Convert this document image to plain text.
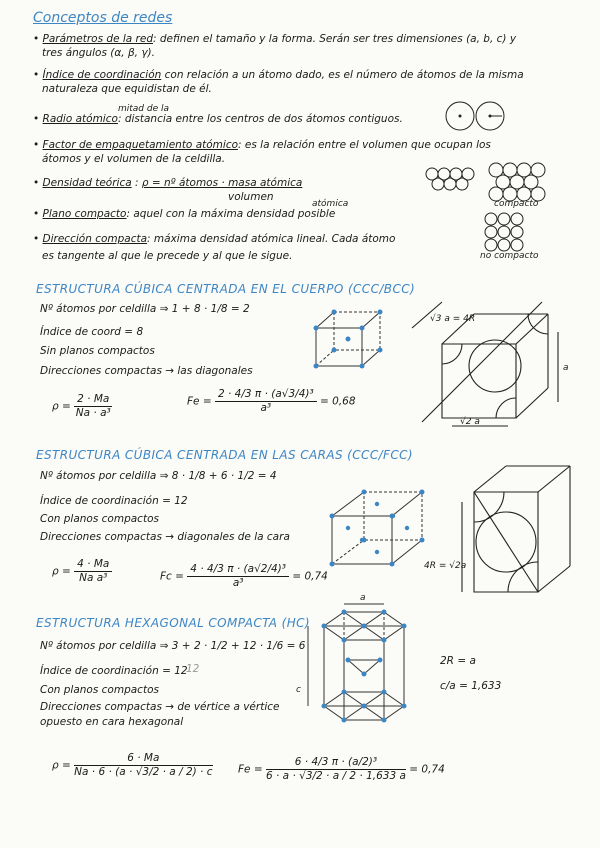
Conceptos de redes
• Parámetros de la red: definen el tamaño y la forma. Serán ser tres dimensiones (a, b, c) y
tres ángulos (α, β, γ).
• Índice de coordinación con relación a un átomo dado, es el número de átomos de la misma
naturaleza que equidistan de él.
mitad de la
• Radio atómico: distancia entre los centros de dos átomos contiguos.
• Factor de empaquetamiento atómico: es la relación entre el volumen que ocupan los
átomos y el volumen de la celdilla.
• Densidad teórica : ρ = nº átomos · masa atómica
volumen
atómica
• Plano compacto: aquel con la máxima densidad posible
• Dirección compacta: máxima densidad atómica lineal. Cada átomo
es tangente al que le precede y al que le sigue.
compacto
no compacto
ESTRUCTURA CÚBICA CENTRADA EN EL CUERPO (CCC/BCC)
Nº átomos por celdilla ⇒ 1 + 8 · 1/8 = 2
Índice de coord = 8
Sin planos compactos
Direcciones compactas → las diagonales
$\rho = \frac{2 \cdot Ma}{\text{Na · a³}}$	$Fe = \frac{\text{2 · 4/3 π · (a√3/4)³}}{\text{a³}} = 0,68$
√3 a = 4R
a
√2 a
ESTRUCTURA CÚBICA CENTRADA EN LAS CARAS (CCC/FCC)
Nº átomos por celdilla ⇒ 8 · 1/8 + 6 · 1/2 = 4
Índice de coordinación = 12
Con planos compactos
Direcciones compactas → diagonales de la cara
$\rho = \frac{4 \cdot Ma}{\text{Na a³}}$	$Fc = \frac{\text{4 · 4/3 π · (a√2/4)³}}{\text{a³}} = 0,74$
4R = √2a
ESTRUCTURA HEXAGONAL COMPACTA (HC)
Nº átomos por celdilla ⇒ 3 + 2 · 1/2 + 12 · 1/6 = 6
Índice de coordinación = 12
12
Con planos compactos
Direcciones compactas → de vértice a vértice
opuesto en cara hexagonal
$\rho = \frac{6 \cdot Ma}{Na \cdot 6 \cdot (a \cdot √3/2 \cdot a / 2) \cdot c}$ $Fe = \frac{\text{6 · 4/3 π · (a/2)³}}{6 \cdot a \cdot √3/2 \cdot a / 2 \cdot 1,633 a} = 0,74$
a
c
2R = a
c/a = 1,633
